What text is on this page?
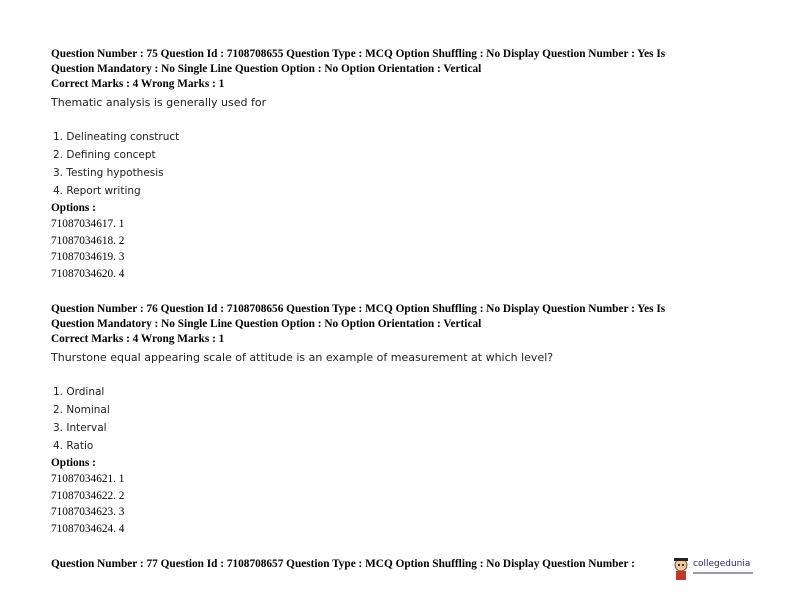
Question Number : 75 Question Id : 7108708655 Question Type : MCQ Option Shuffling : No Display Question Number : Yes Is

Question Mandatory : No Single Line Question Option : No Option Orientation : Vertical

Correct Marks : 4 Wrong Marks : 1

Thematic analysis is generally used for

1. Delineating construct
2. Defining concept
3. Testing hypothesis
4. Report writing
Options :
71087034617. 1
71087034618. 2
71087034619. 3
71087034620. 4

Question Number : 76 Question Id : 7108708656 Question Type : MCQ Option Shuffling : No Display Question Number : Yes Is

Question Mandatory : No Single Line Question Option : No Option Orientation : Vertical

Correct Marks : 4 Wrong Marks : 1

Thurstone equal appearing scale of attitude is an example of measurement at which level?

1. Ordinal
2. Nominal
3. Interval
4. Ratio
Options :
71087034621. 1
71087034622. 2
71087034623. 3
71087034624. 4

Question Number : 77 Question Id : 7108708657 Question Type : MCQ Option Shuffling : No Display Question Number :	collegedunia
